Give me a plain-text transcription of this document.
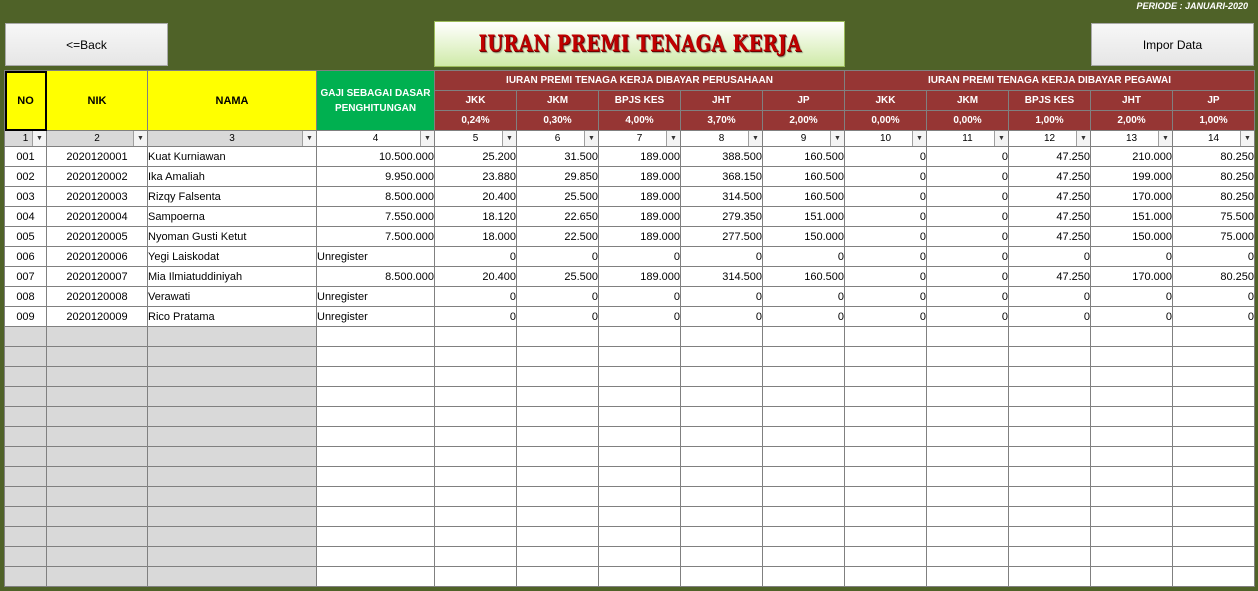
PERIODE : JANUARI-2020
<=Back	IURAN PREMI TENAGA KERJA	Impor Data
NO	NIK	NAMA	GAJI SEBAGAI DASAR PENGHITUNGAN	IURAN PREMI TENAGA KERJA DIBAYAR PERUSAHAAN					IURAN PREMI TENAGA KERJA DIBAYAR PEGAWAI				
				JKK	JKM	BPJS KES	JHT	JP	JKK	JKM	BPJS KES	JHT	JP
				0,24%	0,30%	4,00%	3,70%	2,00%	0,00%	0,00%	1,00%	2,00%	1,00%
1 ▼	2 ▼	3 ▼	4 ▼	5 ▼	6 ▼	7 ▼	8 ▼	9 ▼	10 ▼	11 ▼	12 ▼	13 ▼	14 ▼

001	2020120001	Kuat Kurniawan	10.500.000	25.200	31.500	189.000	388.500	160.500	0	0	47.250	210.000	80.250
002	2020120002	Ika Amaliah	9.950.000	23.880	29.850	189.000	368.150	160.500	0	0	47.250	199.000	80.250
003	2020120003	Rizqy Falsenta	8.500.000	20.400	25.500	189.000	314.500	160.500	0	0	47.250	170.000	80.250
004	2020120004	Sampoerna	7.550.000	18.120	22.650	189.000	279.350	151.000	0	0	47.250	151.000	75.500
005	2020120005	Nyoman Gusti Ketut	7.500.000	18.000	22.500	189.000	277.500	150.000	0	0	47.250	150.000	75.000
006	2020120006	Yegi Laiskodat	Unregister	0	0	0	0	0	0	0	0	0	0
007	2020120007	Mia Ilmiatuddiniyah	8.500.000	20.400	25.500	189.000	314.500	160.500	0	0	47.250	170.000	80.250
008	2020120008	Verawati	Unregister	0	0	0	0	0	0	0	0	0	0
009	2020120009	Rico Pratama	Unregister	0	0	0	0	0	0	0	0	0	0
